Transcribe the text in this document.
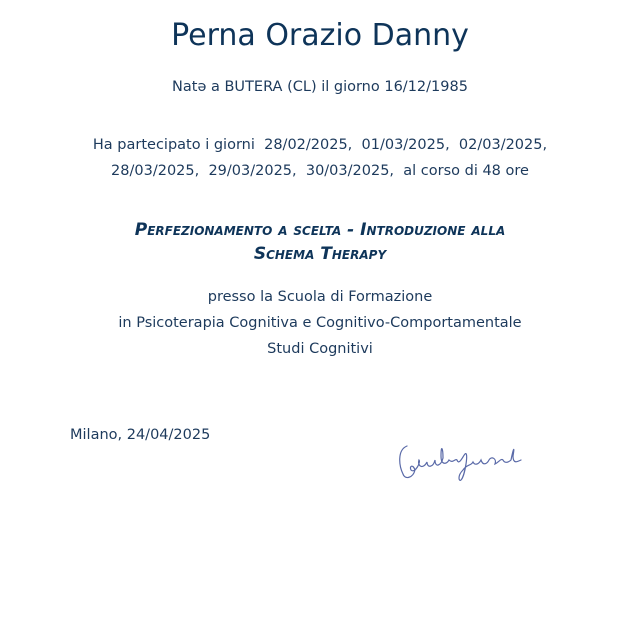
Perna Orazio Danny
Natə a BUTERA (CL) il giorno 16/12/1985
Ha partecipato i giorni  28/02/2025,  01/03/2025,  02/03/2025,
28/03/2025,  29/03/2025,  30/03/2025,  al corso di 48 ore
Perfezionamento a scelta - Introduzione alla
Schema Therapy
presso la Scuola di Formazione
in Psicoterapia Cognitiva e Cognitivo-Comportamentale
Studi Cognitivi
Milano, 24/04/2025
